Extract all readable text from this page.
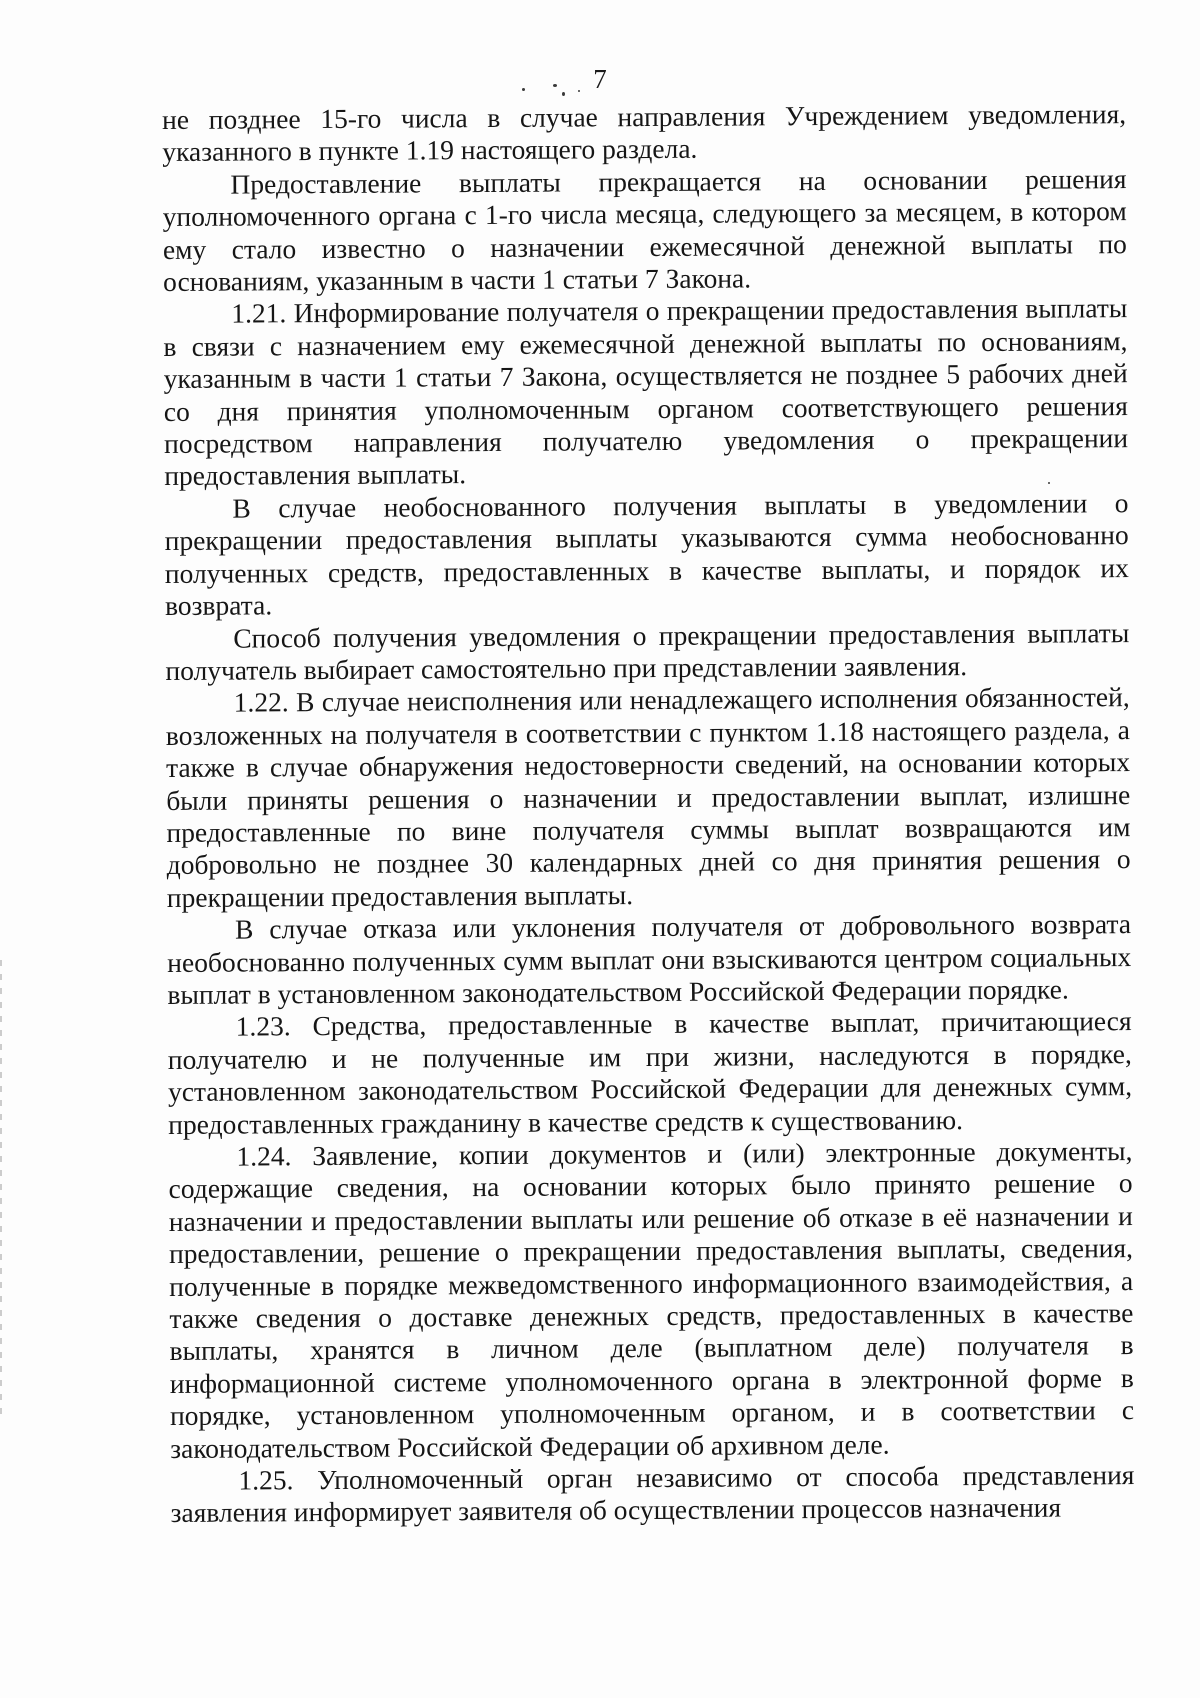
7

не позднее 15-го числа в случае направления Учреждением уведомления, указанного в пункте 1.19 настоящего раздела.

Предоставление выплаты прекращается на основании решения уполномоченного органа с 1-го числа месяца, следующего за месяцем, в котором ему стало известно о назначении ежемесячной денежной выплаты по основаниям, указанным в части 1 статьи 7 Закона.

1.21. Информирование получателя о прекращении предоставления выплаты в связи с назначением ему ежемесячной денежной выплаты по основаниям, указанным в части 1 статьи 7 Закона, осуществляется не позднее 5 рабочих дней со дня принятия уполномоченным органом соответствующего решения посредством направления получателю уведомления о прекращении предоставления выплаты.

В случае необоснованного получения выплаты в уведомлении о прекращении предоставления выплаты указываются сумма необоснованно полученных средств, предоставленных в качестве выплаты, и порядок их возврата.

Способ получения уведомления о прекращении предоставления выплаты получатель выбирает самостоятельно при представлении заявления.

1.22. В случае неисполнения или ненадлежащего исполнения обязанностей, возложенных на получателя в соответствии с пунктом 1.18 настоящего раздела, а также в случае обнаружения недостоверности сведений, на основании которых были приняты решения о назначении и предоставлении выплат, излишне предоставленные по вине получателя суммы выплат возвращаются им добровольно не позднее 30 календарных дней со дня принятия решения о прекращении предоставления выплаты.

В случае отказа или уклонения получателя от добровольного возврата необоснованно полученных сумм выплат они взыскиваются центром социальных выплат в установленном законодательством Российской Федерации порядке.

1.23. Средства, предоставленные в качестве выплат, причитающиеся получателю и не полученные им при жизни, наследуются в порядке, установленном законодательством Российской Федерации для денежных сумм, предоставленных гражданину в качестве средств к существованию.

1.24. Заявление, копии документов и (или) электронные документы, содержащие сведения, на основании которых было принято решение о назначении и предоставлении выплаты или решение об отказе в её назначении и предоставлении, решение о прекращении предоставления выплаты, сведения, полученные в порядке межведомственного информационного взаимодействия, а также сведения о доставке денежных средств, предоставленных в качестве выплаты, хранятся в личном деле (выплатном деле) получателя в информационной системе уполномоченного органа в электронной форме в порядке, установленном уполномоченным органом, и в соответствии с законодательством Российской Федерации об архивном деле.

1.25. Уполномоченный орган независимо от способа представления заявления информирует заявителя об осуществлении процессов назначения
